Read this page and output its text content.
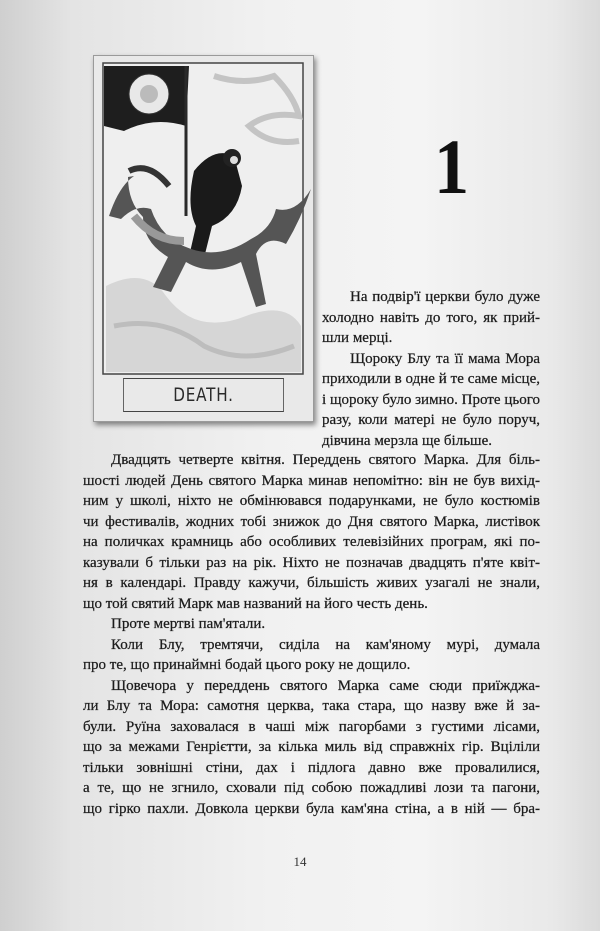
DEATH.
1
На подвір'ї церкви було дуже
холодно навіть до того, як прий-
шли мерці.
Щороку Блу та її мама Мора
приходили в одне й те саме місце,
і щороку було зимно. Проте цього
разу, коли матері не було поруч,
дівчина мерзла ще більше.
Двадцять четверте квітня. Переддень святого Марка. Для біль-
шості людей День святого Марка минав непомітно: він не був вихід-
ним у школі, ніхто не обмінювався подарунками, не було костюмів
чи фестивалів, жодних тобі знижок до Дня святого Марка, листівок
на поличках крамниць або особливих телевізійних програм, які по-
казували б тільки раз на рік. Ніхто не позначав двадцять п'яте квіт-
ня в календарі. Правду кажучи, більшість живих узагалі не знали,
що той святий Марк мав названий на його честь день.
Проте мертві пам'ятали.
Коли Блу, тремтячи, сиділа на кам'яному мурі, думала
про те, що принаймні бодай цього року не дощило.
Щовечора у переддень святого Марка саме сюди приїжджа-
ли Блу та Мора: самотня церква, така стара, що назву вже й за-
були. Руїна заховалася в чаші між пагорбами з густими лісами,
що за межами Генрієтти, за кілька миль від справжніх гір. Вціліли
тільки зовнішні стіни, дах і підлога давно вже провалилися,
а те, що не згнило, сховали під собою пожадливі лози та пагони,
що гірко пахли. Довкола церкви була кам'яна стіна, а в ній — бра-
14
